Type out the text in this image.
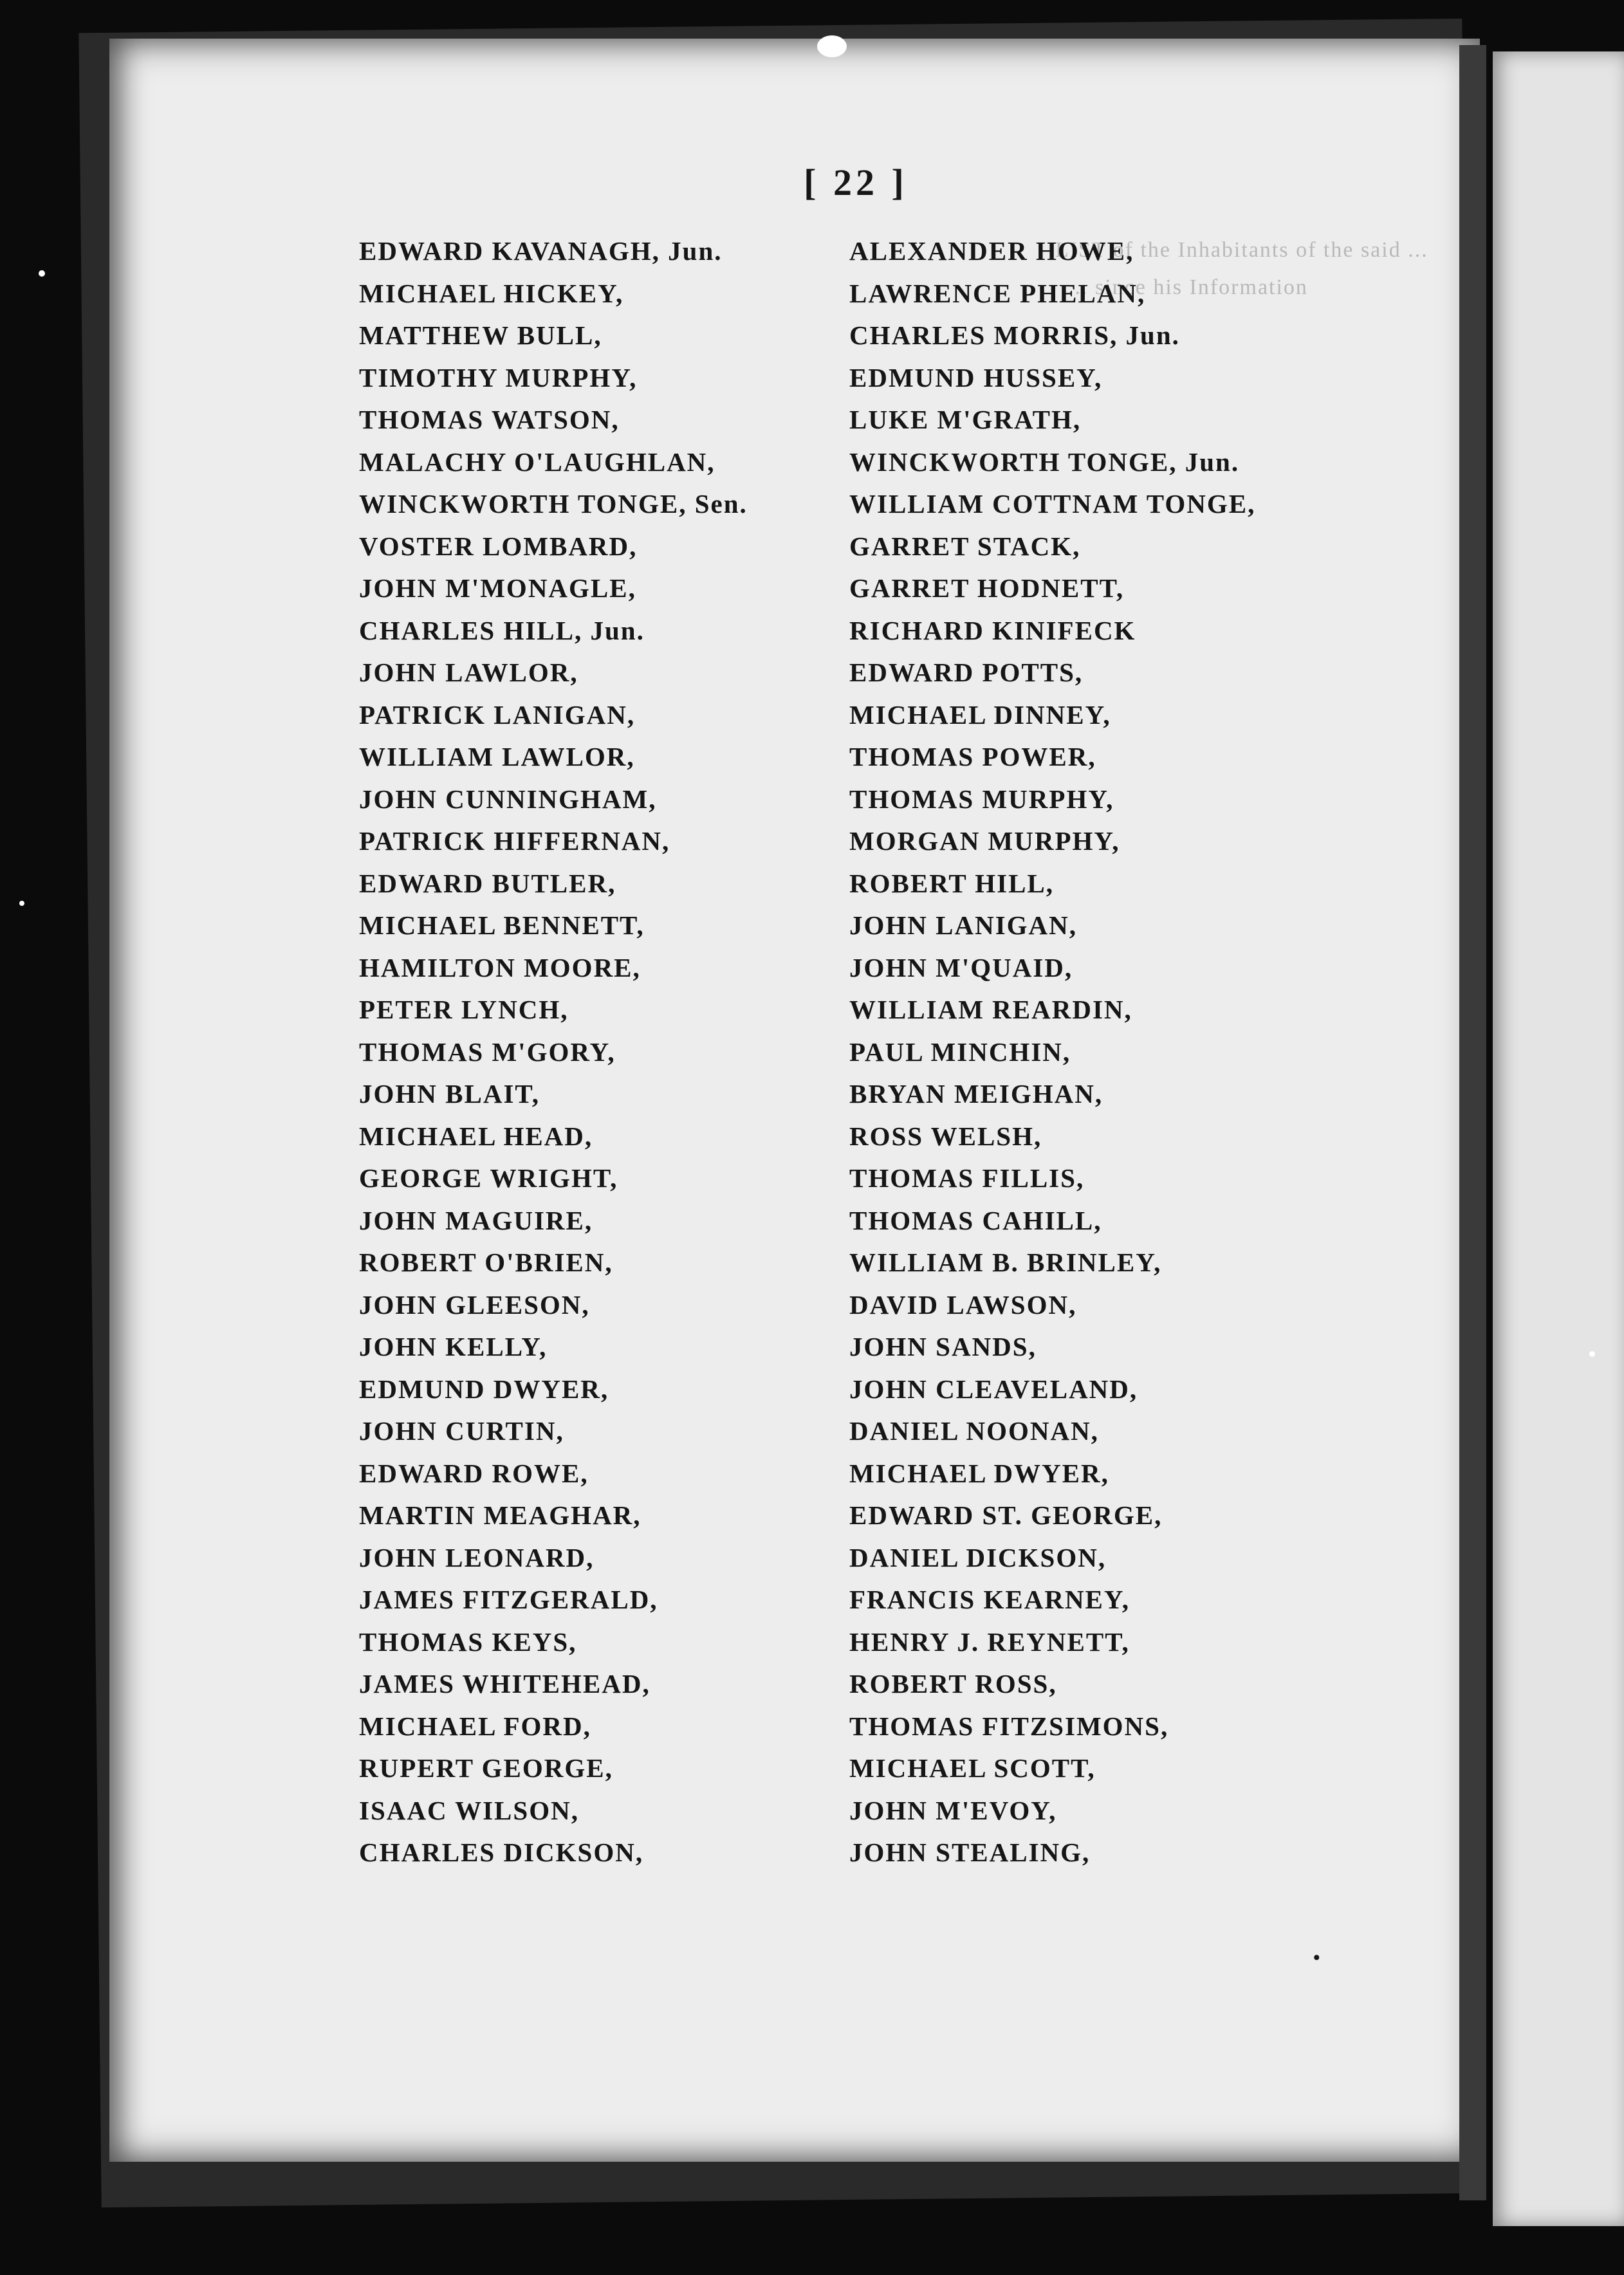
LIST of the Inhabitants of the said ...
... since his Information
[ 22 ]
EDWARD KAVANAGH, Jun.
MICHAEL HICKEY,
MATTHEW BULL,
TIMOTHY MURPHY,
THOMAS WATSON,
MALACHY O'LAUGHLAN,
WINCKWORTH TONGE, Sen.
VOSTER LOMBARD,
JOHN M'MONAGLE,
CHARLES HILL, Jun.
JOHN LAWLOR,
PATRICK LANIGAN,
WILLIAM LAWLOR,
JOHN CUNNINGHAM,
PATRICK HIFFERNAN,
EDWARD BUTLER,
MICHAEL BENNETT,
HAMILTON MOORE,
PETER LYNCH,
THOMAS M'GORY,
JOHN BLAIT,
MICHAEL HEAD,
GEORGE WRIGHT,
JOHN MAGUIRE,
ROBERT O'BRIEN,
JOHN GLEESON,
JOHN KELLY,
EDMUND DWYER,
JOHN CURTIN,
EDWARD ROWE,
MARTIN MEAGHAR,
JOHN LEONARD,
JAMES FITZGERALD,
THOMAS KEYS,
JAMES WHITEHEAD,
MICHAEL FORD,
RUPERT GEORGE,
ISAAC WILSON,
CHARLES DICKSON,
ALEXANDER HOWE,
LAWRENCE PHELAN,
CHARLES MORRIS, Jun.
EDMUND HUSSEY,
LUKE M'GRATH,
WINCKWORTH TONGE, Jun.
WILLIAM COTTNAM TONGE,
GARRET STACK,
GARRET HODNETT,
RICHARD KINIFECK
EDWARD POTTS,
MICHAEL DINNEY,
THOMAS POWER,
THOMAS MURPHY,
MORGAN MURPHY,
ROBERT HILL,
JOHN LANIGAN,
JOHN M'QUAID,
WILLIAM REARDIN,
PAUL MINCHIN,
BRYAN MEIGHAN,
ROSS WELSH,
THOMAS FILLIS,
THOMAS CAHILL,
WILLIAM B. BRINLEY,
DAVID LAWSON,
JOHN SANDS,
JOHN CLEAVELAND,
DANIEL NOONAN,
MICHAEL DWYER,
EDWARD ST. GEORGE,
DANIEL DICKSON,
FRANCIS KEARNEY,
HENRY J. REYNETT,
ROBERT ROSS,
THOMAS FITZSIMONS,
MICHAEL SCOTT,
JOHN M'EVOY,
JOHN STEALING,
.
